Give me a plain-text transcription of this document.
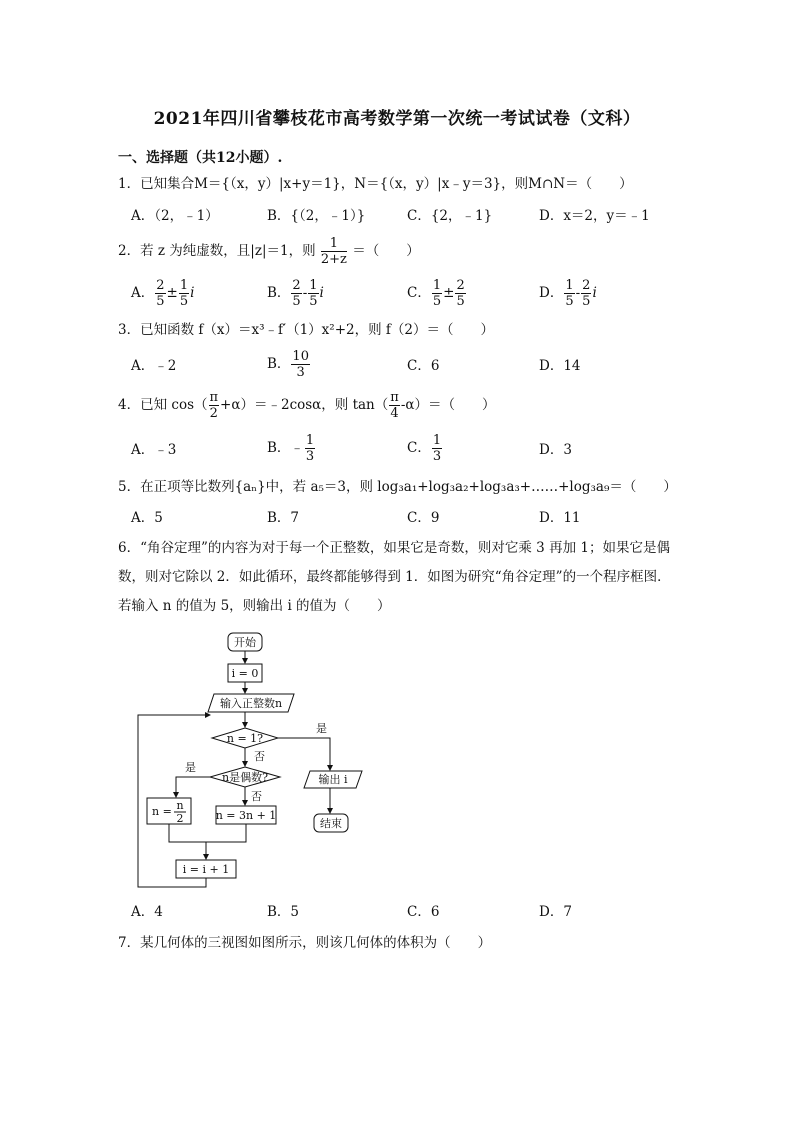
2021年四川省攀枝花市高考数学第一次统一考试试卷（文科）
一、选择题（共12小题）.
1．已知集合M＝{（x，y）|x+y＝1}，N＝{（x，y）|x﹣y＝3}，则M∩N＝（　　）
A．（2，﹣1）	B．{（2，﹣1）}	C．{2，﹣1}	D．x＝2，y＝﹣1
2．若 z 为纯虚数，且|z|＝1，则 $\frac{1}{2+z}$ ＝（　　）
A． $\frac{2}{5} \pm \frac{1}{5}$ i	B． $\frac{2}{5} - \frac{1}{5}$ i	C． $\frac{1}{5} \pm \frac{2}{5}$	D． $\frac{1}{5} - \frac{2}{5}$ i
3．已知函数 f（x）＝x³﹣f′（1）x²+2，则 f（2）＝（　　）
A．﹣2	B． $\frac{10}{3}$	C．6	D．14
4．已知 $\cos( \frac{\pi}{2}$ +α）＝﹣2cosα，则 $\tan( \frac{\pi}{4} -\alpha)=$（　　）
A．﹣3	B．﹣ $\frac{1}{3}$	C． $\frac{1}{3}$	D．3
5．在正项等比数列{aₙ}中，若 a₅＝3，则 log₃a₁+log₃a₂+log₃a₃+……+log₃a₉＝（　　）
A．5	B．7	C．9	D．11
6．“角谷定理”的内容为对于每一个正整数，如果它是奇数，则对它乘 3 再加 1；如果它是偶数，则对它除以 2．如此循环，最终都能够得到 1．如图为研究“角谷定理”的一个程序框图．若输入 n 的值为 5，则输出 i 的值为（　　）
开始
i = 0
输入正整数n
n = 1?
是
否
n是偶数?
是
否
n = n
2	n = 3n + 1
输出 i
结束
i = i + 1
A．4	B．5	C．6	D．7
7．某几何体的三视图如图所示，则该几何体的体积为（　　）
